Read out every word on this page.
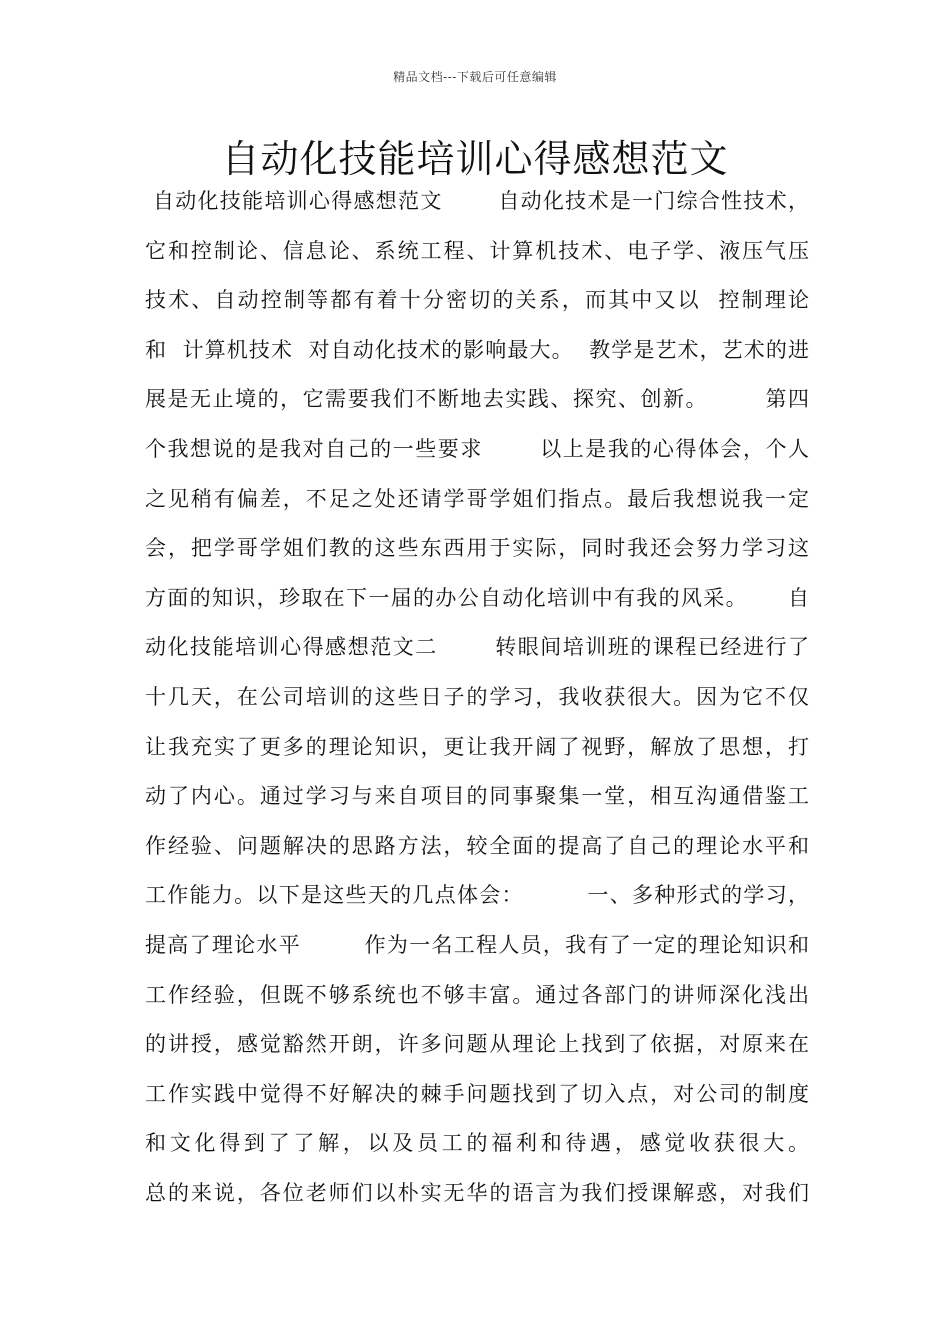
精品文档---下载后可任意编辑
自动化技能培训心得感想范文
自动化技能培训心得感想范文       自动化技术是一门综合性技术，
它和控制论、信息论、系统工程、计算机技术、电子学、液压气压
技术、自动控制等都有着十分密切的关系，而其中又以  控制理论
和  计算机技术  对自动化技术的影响最大。  教学是艺术，艺术的进
展是无止境的，它需要我们不断地去实践、探究、创新。       第四
个我想说的是我对自己的一些要求       以上是我的心得体会，个人
之见稍有偏差，不足之处还请学哥学姐们指点。最后我想说我一定
会，把学哥学姐们教的这些东西用于实际，同时我还会努力学习这
方面的知识，珍取在下一届的办公自动化培训中有我的风采。     自
动化技能培训心得感想范文二       转眼间培训班的课程已经进行了
十几天，在公司培训的这些日子的学习，我收获很大。因为它不仅
让我充实了更多的理论知识，更让我开阔了视野，解放了思想，打
动了内心。通过学习与来自项目的同事聚集一堂，相互沟通借鉴工
作经验、问题解决的思路方法，较全面的提高了自己的理论水平和
工作能力。以下是这些天的几点体会：        一、多种形式的学习，
提高了理论水平        作为一名工程人员，我有了一定的理论知识和
工作经验，但既不够系统也不够丰富。通过各部门的讲师深化浅出
的讲授，感觉豁然开朗，许多问题从理论上找到了依据，对原来在
工作实践中觉得不好解决的棘手问题找到了切入点，对公司的制度
和文化得到了了解，以及员工的福利和待遇，感觉收获很大。
总的来说，各位老师们以朴实无华的语言为我们授课解惑，对我们
